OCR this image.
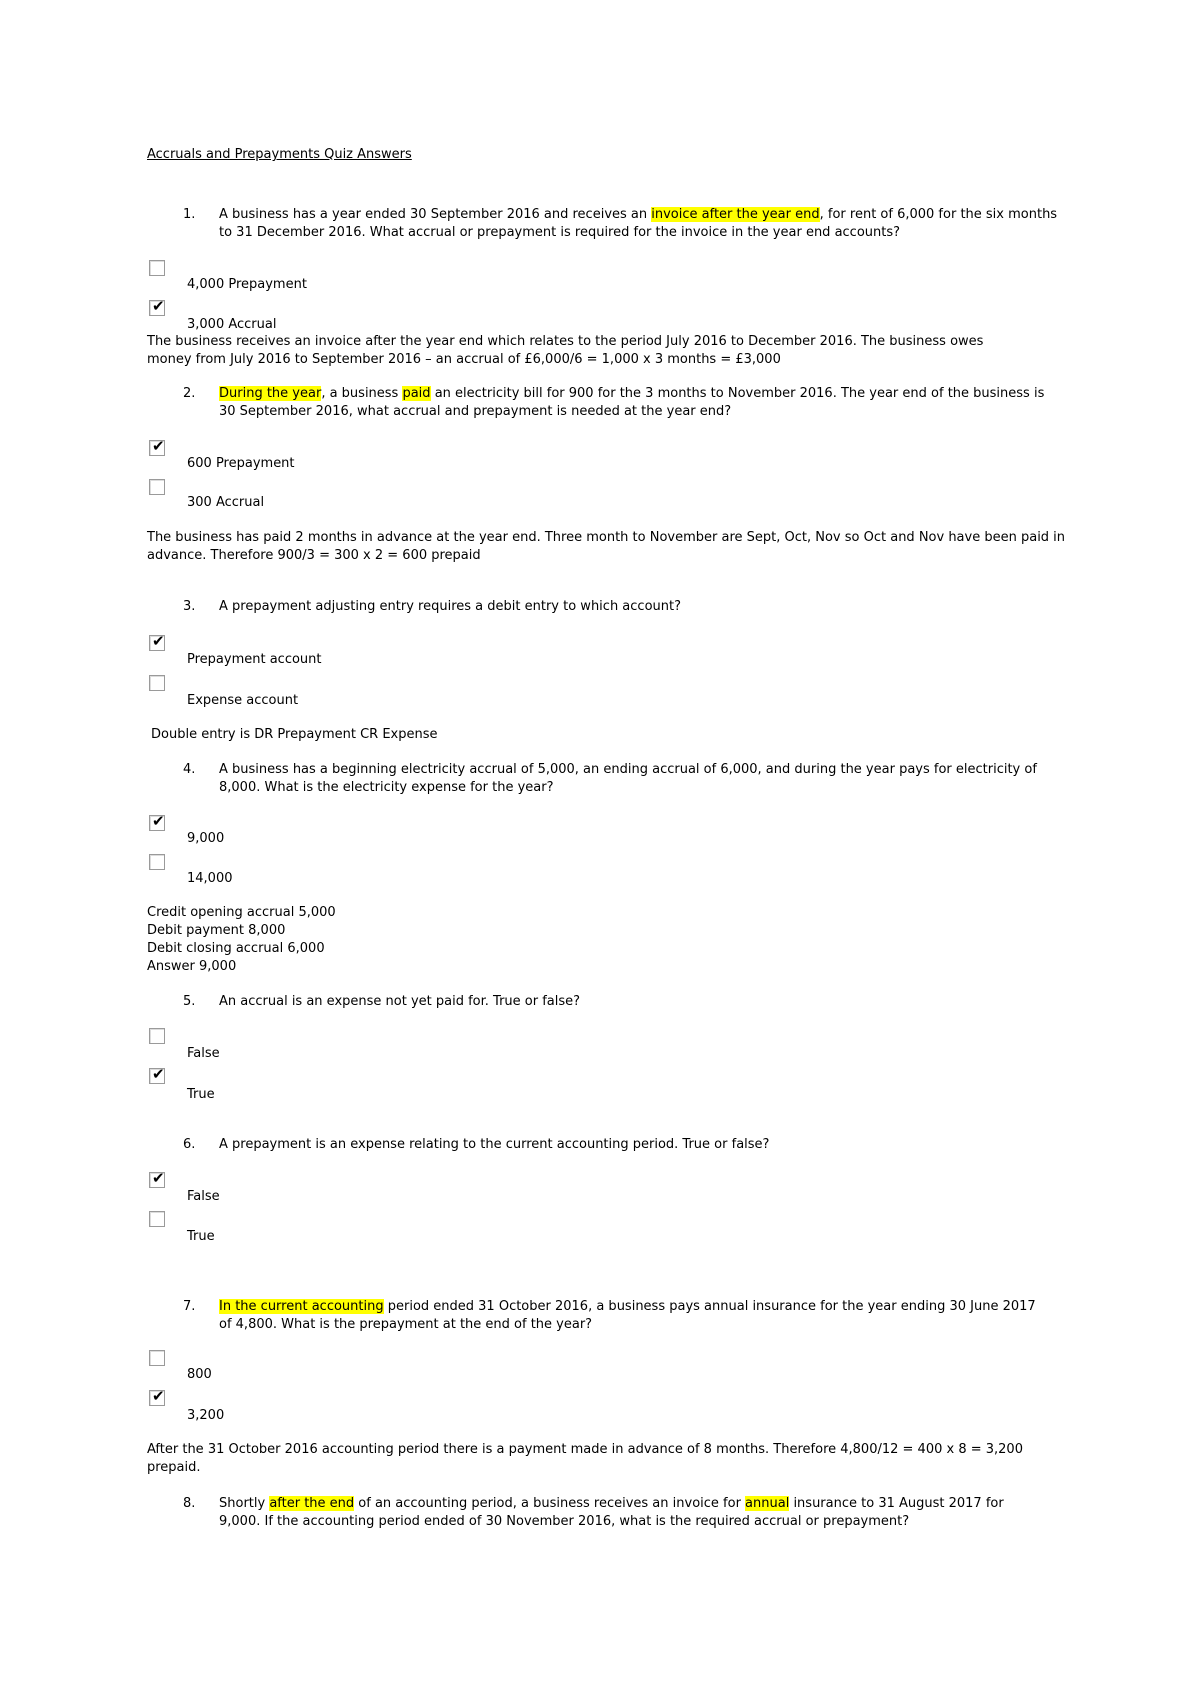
Accruals and Prepayments Quiz Answers
1.	A business has a year ended 30 September 2016 and receives an invoice after the year end, for rent of 6,000 for the six months to 31 December 2016. What accrual or prepayment is required for the invoice in the year end accounts?
4,000 Prepayment
✔
3,000 Accrual
The business receives an invoice after the year end which relates to the period July 2016 to December 2016. The business owes money from July 2016 to September 2016 – an accrual of £6,000/6 = 1,000 x 3 months = £3,000
2.	During the year, a business paid an electricity bill for 900 for the 3 months to November 2016. The year end of the business is 30 September 2016, what accrual and prepayment is needed at the year end?
✔
600 Prepayment
300 Accrual
The business has paid 2 months in advance at the year end. Three month to November are Sept, Oct, Nov so Oct and Nov have been paid in advance. Therefore 900/3 = 300 x 2 = 600 prepaid
3.	A prepayment adjusting entry requires a debit entry to which account?
✔
Prepayment account
Expense account
Double entry is DR Prepayment CR Expense
4.	A business has a beginning electricity accrual of 5,000, an ending accrual of 6,000, and during the year pays for electricity of 8,000. What is the electricity expense for the year?
✔
9,000
14,000
Credit opening accrual 5,000
Debit payment 8,000
Debit closing accrual 6,000
Answer 9,000
5.	An accrual is an expense not yet paid for. True or false?
False
✔
True
6.	A prepayment is an expense relating to the current accounting period. True or false?
✔
False
True
7.	In the current accounting period ended 31 October 2016, a business pays annual insurance for the year ending 30 June 2017 of 4,800. What is the prepayment at the end of the year?
800
✔
3,200
After the 31 October 2016 accounting period there is a payment made in advance of 8 months. Therefore 4,800/12 = 400 x 8 = 3,200 prepaid.
8.	Shortly after the end of an accounting period, a business receives an invoice for annual insurance to 31 August 2017 for 9,000. If the accounting period ended of 30 November 2016, what is the required accrual or prepayment?
